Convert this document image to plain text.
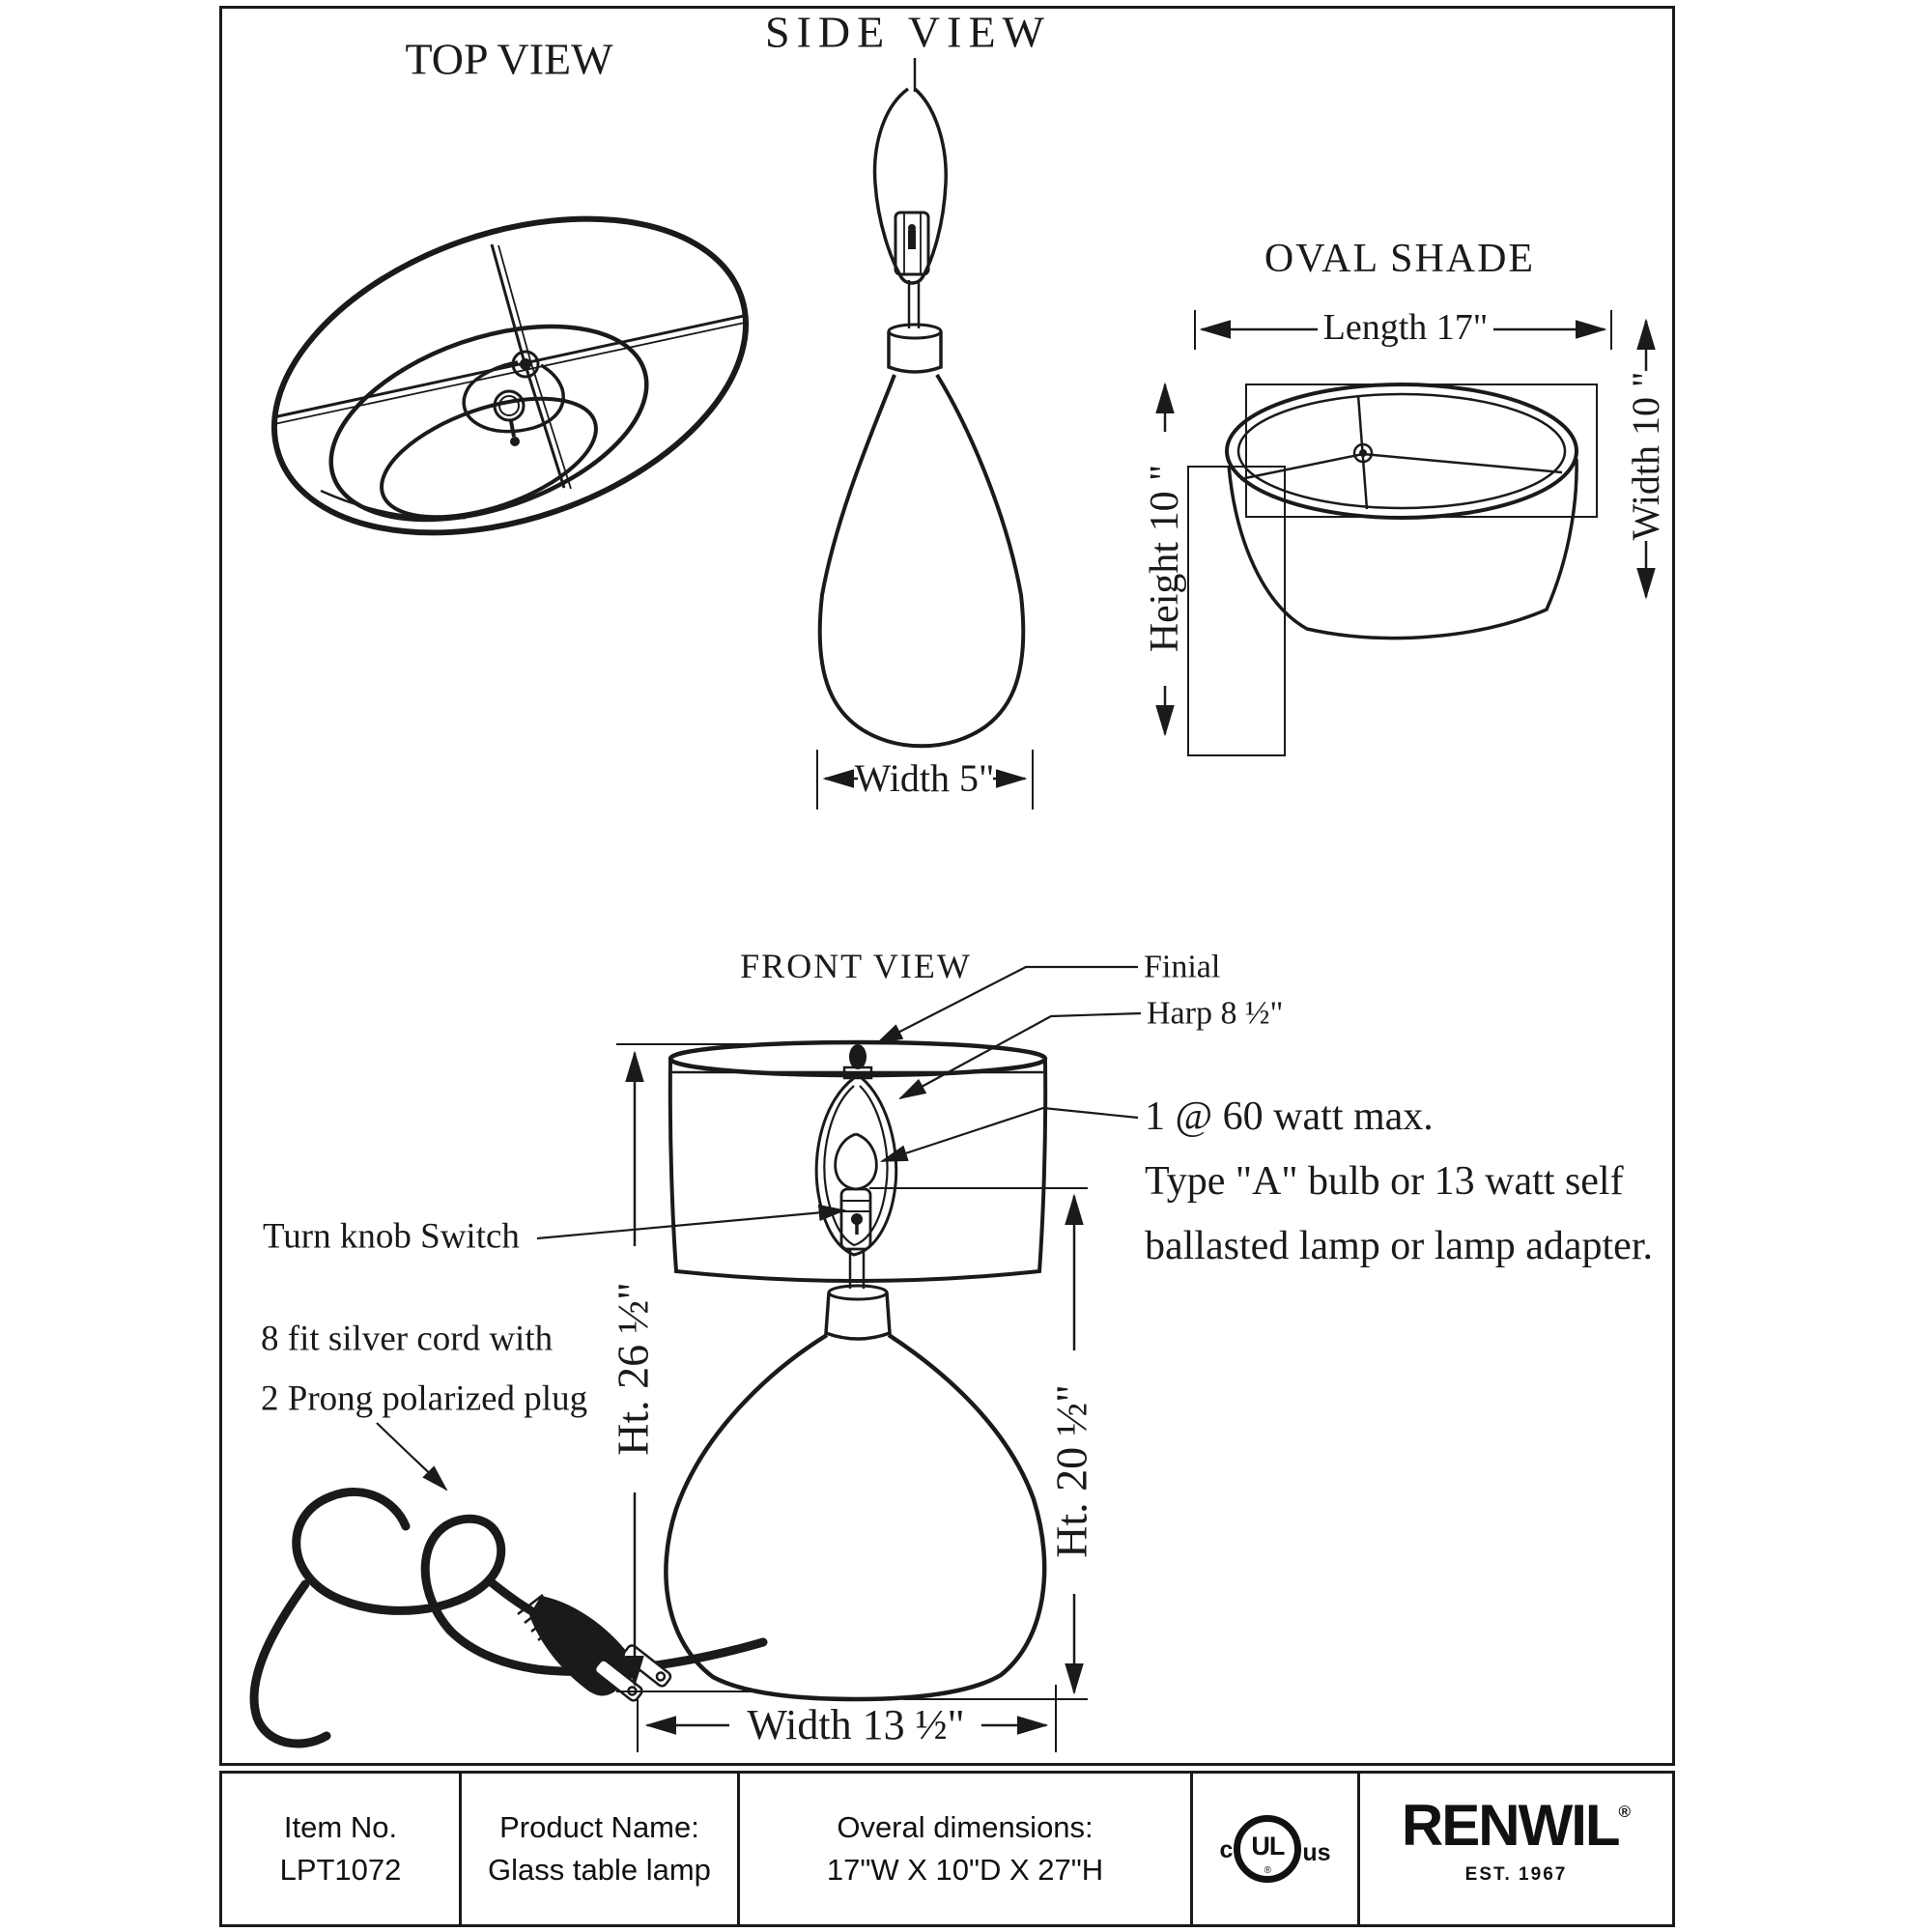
TOP VIEW
SIDE VIEW
OVAL SHADE
FRONT VIEW
Length 17"
Width 10 "
Height 10 "
Width 5"
Ht. 26 ½"
Ht. 20 ½"
Width 13 ½"
Finial
Harp 8 ½"
1 @ 60 watt max.
Type "A" bulb or 13 watt self
ballasted lamp or lamp adapter.
Turn knob Switch
8 fit silver cord with
2 Prong polarized plug
Item No.
LPT1072
Product Name:
Glass table lamp
Overal dimensions:
17"W X 10"D X 27"H
c UL
®
us RENWIL ®
EST. 1967
